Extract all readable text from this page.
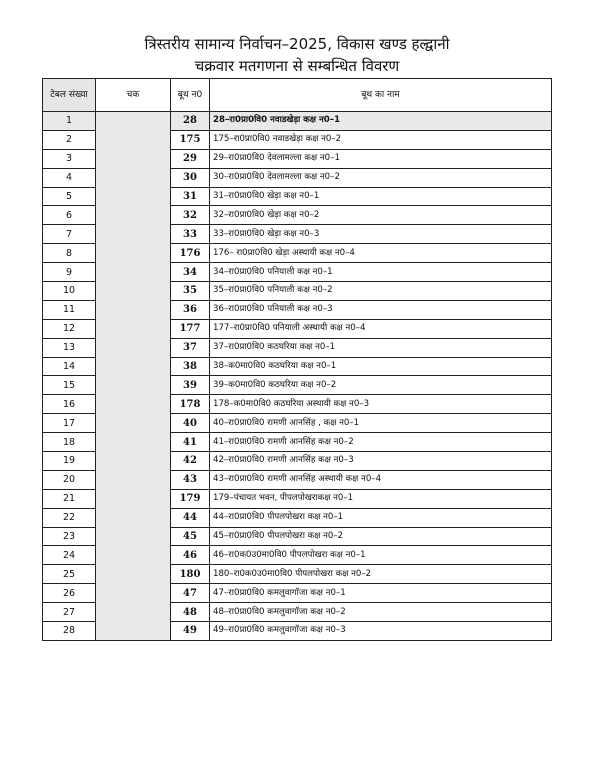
त्रिस्तरीय सामान्य निर्वाचन–2025, विकास खण्ड हल्द्वानी
चक्रवार मतगणना से सम्बन्धित विवरण
टेबल संख्या	चक	बूथ न0	बूथ का नाम
1		28	28–रा0प्रा0वि0 नवाडखेड़ा कक्ष न0–1
2		175	175–रा0प्रा0वि0 नवाडखेड़ा कक्ष न0–2
3		29	29–रा0प्रा0वि0 देवलामल्ला कक्ष न0–1
4		30	30–रा0प्रा0वि0 देवलामल्ला कक्ष न0–2
5		31	31–रा0प्रा0वि0 खेड़ा कक्ष न0–1
6		32	32–रा0प्रा0वि0 खेड़ा कक्ष न0–2
7		33	33–रा0प्रा0वि0 खेड़ा कक्ष न0–3
8		176	176– रा0प्रा0वि0 खेड़ा अस्थायी कक्ष न0–4
9		34	34–रा0प्रा0वि0 पनियाली कक्ष न0–1
10		35	35–रा0प्रा0वि0 पनियाली कक्ष न0–2
11		36	36–रा0प्रा0वि0 पनियाली कक्ष न0–3
12		177	177–रा0प्रा0वि0 पनियाली अस्थायी कक्ष न0–4
13		37	37–रा0प्रा0वि0 कठघरिया कक्ष न0–1
14		38	38–क0मा0वि0 कठघरिया कक्ष न0–1
15		39	39–क0मा0वि0 कठघरिया कक्ष न0–2
16		178	178–क0मा0वि0 कठघरिया अस्थायी कक्ष न0–3
17		40	40–रा0प्रा0वि0 रामणी आनसिंह , कक्ष न0–1
18		41	41–रा0प्रा0वि0 रामणी आनसिंह कक्ष न0–2
19		42	42–रा0प्रा0वि0 रामणी आनसिंह कक्ष न0–3
20		43	43–रा0प्रा0वि0 रामणी आनसिंह अस्थायी कक्ष न0–4
21		179	179–पंचायत भवन, पीपलपोखराकक्ष न0–1
22		44	44–रा0प्रा0वि0 पीपलपोखरा कक्ष न0–1
23		45	45–रा0प्रा0वि0 पीपलपोखरा कक्ष न0–2
24		46	46–रा0क0उ0मा0वि0 पीपलपोखरा कक्ष न0–1
25		180	180–रा0क0उ0मा0वि0 पीपलपोखरा कक्ष न0–2
26		47	47–रा0प्रा0वि0 कमलुवागॉजा कक्ष न0–1
27		48	48–रा0प्रा0वि0 कमलुवागॉजा कक्ष न0–2
28		49	49–रा0प्रा0वि0 कमलुवागॉजा कक्ष न0–3
